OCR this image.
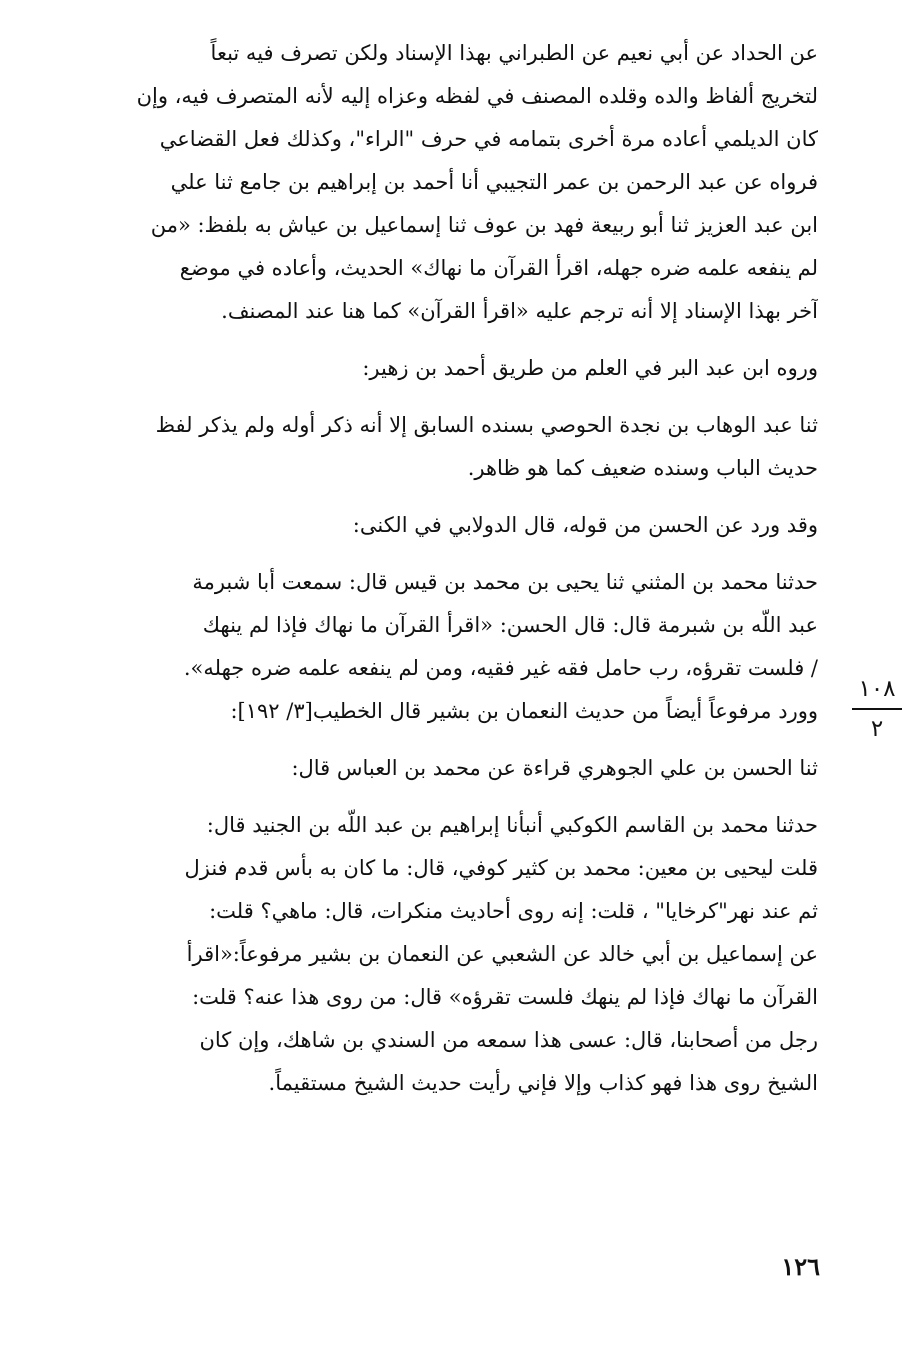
عن الحداد عن أبي نعيم عن الطبراني بهذا الإسناد ولكن تصرف فيه تبعاً
لتخريج ألفاظ والده وقلده المصنف في لفظه وعزاه إليه لأنه المتصرف فيه، وإن
كان الديلمي أعاده مرة أخرى بتمامه في حرف "الراء"، وكذلك فعل القضاعي
فرواه عن عبد الرحمن بن عمر التجيبي أنا أحمد بن إبراهيم بن جامع ثنا علي
ابن عبد العزيز ثنا أبو ربيعة فهد بن عوف ثنا إسماعيل بن عياش به بلفظ: «من
لم ينفعه علمه ضره جهله، اقرأ القرآن ما نهاك» الحديث، وأعاده في موضع
آخر بهذا الإسناد إلا أنه ترجم عليه «اقرأ القرآن» كما هنا عند المصنف.
وروه ابن عبد البر في العلم من طريق أحمد بن زهير:
ثنا عبد الوهاب بن نجدة الحوصي بسنده السابق إلا أنه ذكر أوله ولم يذكر لفظ
حديث الباب وسنده ضعيف كما هو ظاهر.
وقد ورد عن الحسن من قوله، قال الدولابي في الكنى:
حدثنا محمد بن المثني ثنا يحيى بن محمد بن قيس قال: سمعت أبا شبرمة
عبد اللّه بن شبرمة قال: قال الحسن: «اقرأ القرآن ما نهاك فإذا لم ينهك
/ فلست تقرؤه، رب حامل فقه غير فقيه، ومن لم ينفعه علمه ضره جهله».
وورد مرفوعاً أيضاً من حديث النعمان بن بشير قال الخطيب[٣/ ١٩٢]:
ثنا الحسن بن علي الجوهري قراءة عن محمد بن العباس قال:
حدثنا محمد بن القاسم الكوكبي أنبأنا إبراهيم بن عبد اللّه بن الجنيد قال:
قلت ليحيى بن معين: محمد بن كثير كوفي، قال: ما كان به بأس قدم فنزل
ثم عند نهر"كرخايا" ، قلت: إنه روى أحاديث منكرات، قال: ماهي؟ قلت:
عن إسماعيل بن أبي خالد عن الشعبي عن النعمان بن بشير مرفوعاً:«اقرأ
القرآن ما نهاك فإذا لم ينهك فلست تقرؤه» قال: من روى هذا عنه؟ قلت:
رجل من أصحابنا، قال: عسى هذا سمعه من السندي بن شاهك، وإن كان
الشيخ روى هذا فهو كذاب وإلا فإني رأيت حديث الشيخ مستقيماً.
١٠٨
٢
١٢٦
